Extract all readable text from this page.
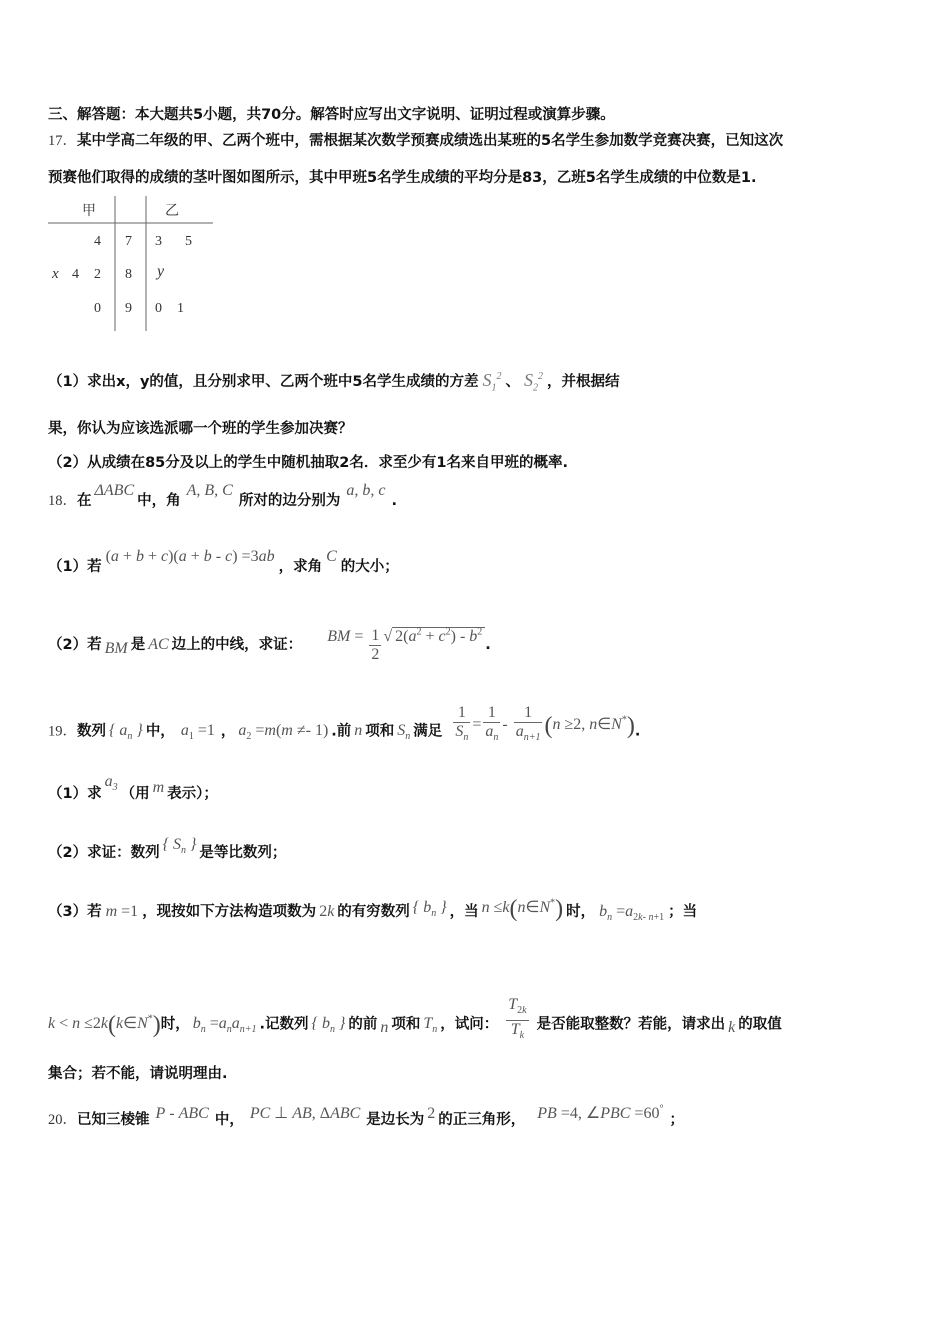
三、解答题：本大题共5小题，共70分。解答时应写出文字说明、证明过程或演算步骤。
17．某中学高二年级的甲、乙两个班中，需根据某次数学预赛成绩选出某班的5名学生参加数学竞赛决赛，已知这次
预赛他们取得的成绩的茎叶图如图所示，其中甲班5名学生成绩的平均分是83，乙班5名学生成绩的中位数是1.
甲	乙
4 7 3 5
x 4 2 8 y
0 9 0 1
（1）求出x，y的值，且分别求甲、乙两个班中5名学生成绩的方差 $S_1^2$ 、 $S_2^2$ ，并根据结
果，你认为应该选派哪一个班的学生参加决赛？
（2）从成绩在85分及以上的学生中随机抽取2名．求至少有1名来自甲班的概率.
18．在ΔABC中，角A, B, C所对的边分别为a, b, c.
（1）若(a + b + c)(a + b - c) =3ab，求角C的大小；
（2）若 BM 是 AC 边上的中线，求证： BM = $\frac{1}{2}$ √ $2(a^2 + c^2) - b^2$.
19．数列 { $a_n$ } 中， $a_1 =1$ ， $a_2 =m(m \ne- 1)$ .前 n 项和 $S_n$ 满足 $\frac{1}{S_n} = \frac{1}{a_n} - \frac{1}{a_{n+1}} (n \ge 2$, n∈N*).
（1）求$a_3$ （用 m 表示）；
（2）求证：数列 { $S_n$ } 是等比数列；
（3）若 m =1 ，现按如下方法构造项数为 2k 的有穷数列 { $b_n$ } ，当 n ≤k(n∈N*) 时， $b_n =a_{2k- n+1}$ ；当
k < n ≤2k(k∈N*)时， $b_n =a_na_{n+1}$ .记数列 { $b_n$ } 的前 n 项和 $T_n$ ，试问： $\frac{T_{2k}}{T_k}$ 是否能取整数？若能，请求出 k 的取值
集合；若不能，请说明理由.
20．已知三棱锥 P - ABC 中， PC ⊥ AB, ΔABC 是边长为 2 的正三角形， PB =4, ∠PBC =60°；
